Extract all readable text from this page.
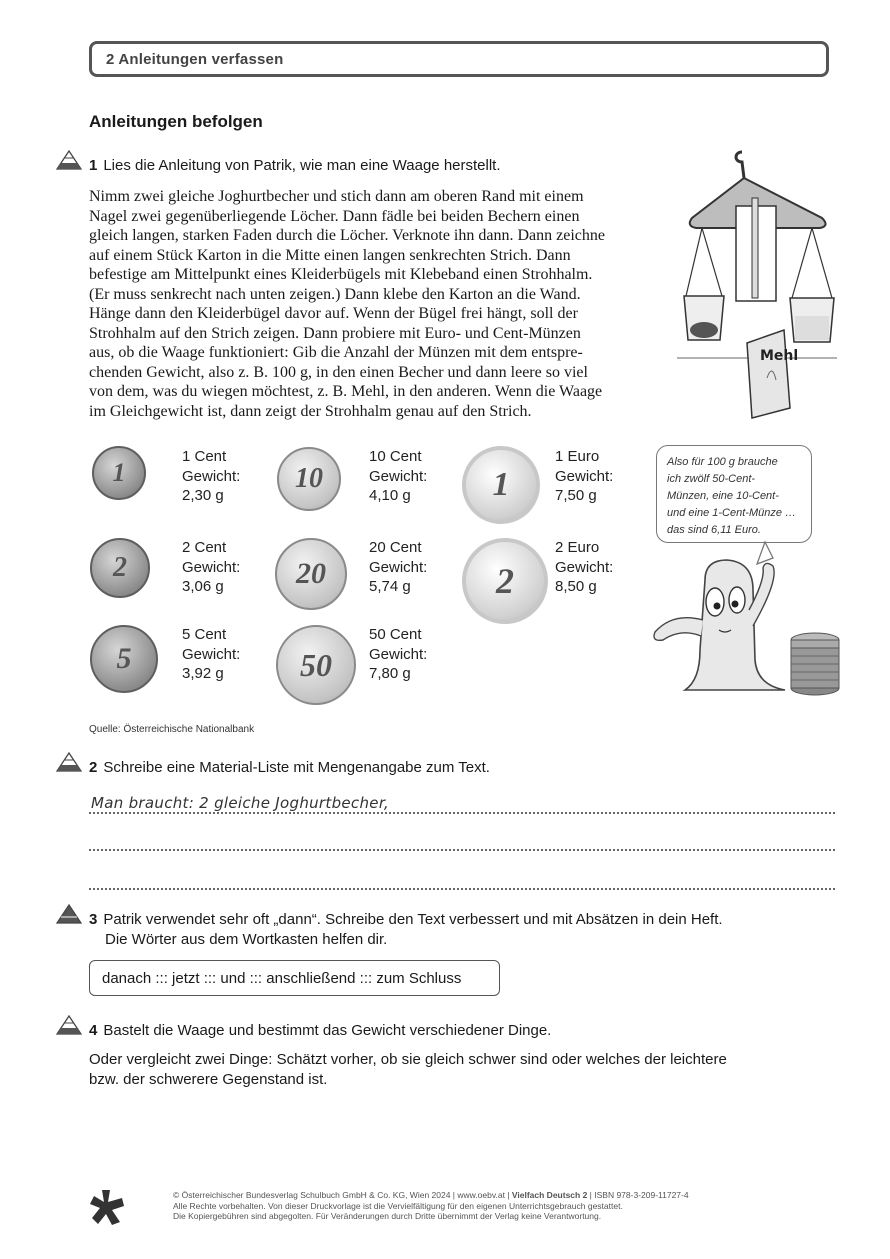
2 Anleitungen verfassen
Anleitungen befolgen
1 Lies die Anleitung von Patrik, wie man eine Waage herstellt.

Nimm zwei gleiche Joghurtbecher und stich dann am oberen Rand mit einem

Nagel zwei gegenüberliegende Löcher. Dann fädle bei beiden Bechern einen

gleich langen, starken Faden durch die Löcher. Verknote ihn dann. Dann zeichne

auf einem Stück Karton in die Mitte einen langen senkrechten Strich. Dann

befestige am Mittelpunkt eines Kleiderbügels mit Klebeband einen Strohhalm.

(Er muss senkrecht nach unten zeigen.) Dann klebe den Karton an die Wand.

Hänge dann den Kleiderbügel davor auf. Wenn der Bügel frei hängt, soll der

Strohhalm auf den Strich zeigen. Dann probiere mit Euro- und Cent-Münzen

aus, ob die Waage funktioniert: Gib die Anzahl der Münzen mit dem entspre-

chenden Gewicht, also z. B. 100 g, in den einen Becher und dann leere so viel

von dem, was du wiegen möchtest, z. B. Mehl, in den anderen. Wenn die Waage

im Gleichgewicht ist, dann zeigt der Strohhalm genau auf den Strich.

Mehl
1
1 Cent
Gewicht:
2,30 g
2
2 Cent
Gewicht:
3,06 g
5
5 Cent
Gewicht:
3,92 g
10
10 Cent
Gewicht:
4,10 g
20
20 Cent
Gewicht:
5,74 g
50
50 Cent
Gewicht:
7,80 g
1
1 Euro
Gewicht:
7,50 g
2
2 Euro
Gewicht:
8,50 g
Also für 100 g brauche
ich zwölf 50-Cent-
Münzen, eine 10-Cent-
und eine 1-Cent-Münze …
das sind 6,11 Euro.
Quelle: Österreichische Nationalbank
2 Schreibe eine Material-Liste mit Mengenangabe zum Text.
Man braucht: 2 gleiche Joghurtbecher,
3 Patrik verwendet sehr oft „dann“. Schreibe den Text verbessert und mit Absätzen in dein Heft.
Die Wörter aus dem Wortkasten helfen dir.
danach ::: jetzt ::: und ::: anschließend ::: zum Schluss
4 Bastelt die Waage und bestimmt das Gewicht verschiedener Dinge.
Oder vergleicht zwei Dinge: Schätzt vorher, ob sie gleich schwer sind oder welches der leichtere
bzw. der schwerere Gegenstand ist.
© Österreichischer Bundesverlag Schulbuch GmbH & Co. KG, Wien 2024 | www.oebv.at | Vielfach Deutsch 2 | ISBN 978-3-209-11727-4
Alle Rechte vorbehalten. Von dieser Druckvorlage ist die Vervielfältigung für den eigenen Unterrichtsgebrauch gestattet.
Die Kopiergebühren sind abgegolten. Für Veränderungen durch Dritte übernimmt der Verlag keine Verantwortung.
